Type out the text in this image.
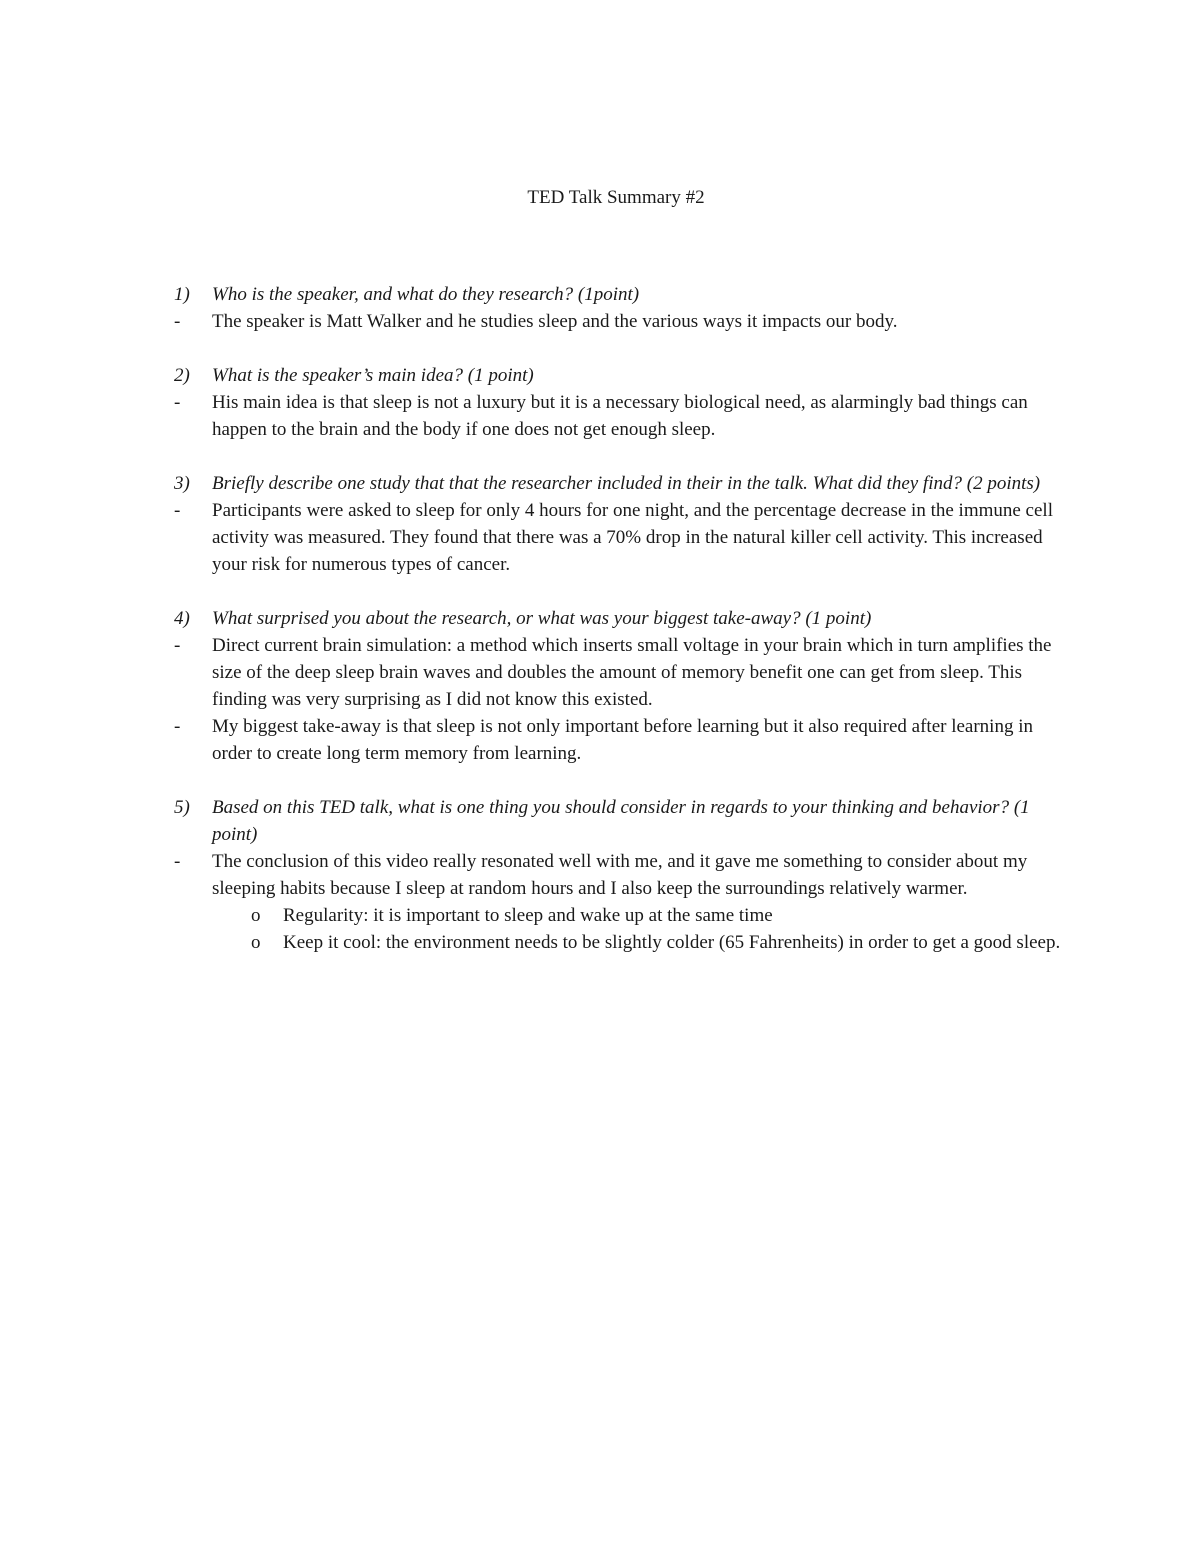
TED Talk Summary #2
1) Who is the speaker, and what do they research? (1point)
- The speaker is Matt Walker and he studies sleep and the various ways it impacts our body.
2) What is the speaker’s main idea? (1 point)
- His main idea is that sleep is not a luxury but it is a necessary biological need, as alarmingly bad things can happen to the brain and the body if one does not get enough sleep.
3) Briefly describe one study that that the researcher included in their in the talk. What did they find? (2 points)
- Participants were asked to sleep for only 4 hours for one night, and the percentage decrease in the immune cell activity was measured. They found that there was a 70% drop in the natural killer cell activity. This increased your risk for numerous types of cancer.
4) What surprised you about the research, or what was your biggest take-away? (1 point)
- Direct current brain simulation: a method which inserts small voltage in your brain which in turn amplifies the size of the deep sleep brain waves and doubles the amount of memory benefit one can get from sleep. This finding was very surprising as I did not know this existed.
- My biggest take-away is that sleep is not only important before learning but it also required after learning in order to create long term memory from learning.
5) Based on this TED talk, what is one thing you should consider in regards to your thinking and behavior? (1 point)
- The conclusion of this video really resonated well with me, and it gave me something to consider about my sleeping habits because I sleep at random hours and I also keep the surroundings relatively warmer.
o Regularity: it is important to sleep and wake up at the same time
o Keep it cool: the environment needs to be slightly colder (65 Fahrenheits) in order to get a good sleep.
